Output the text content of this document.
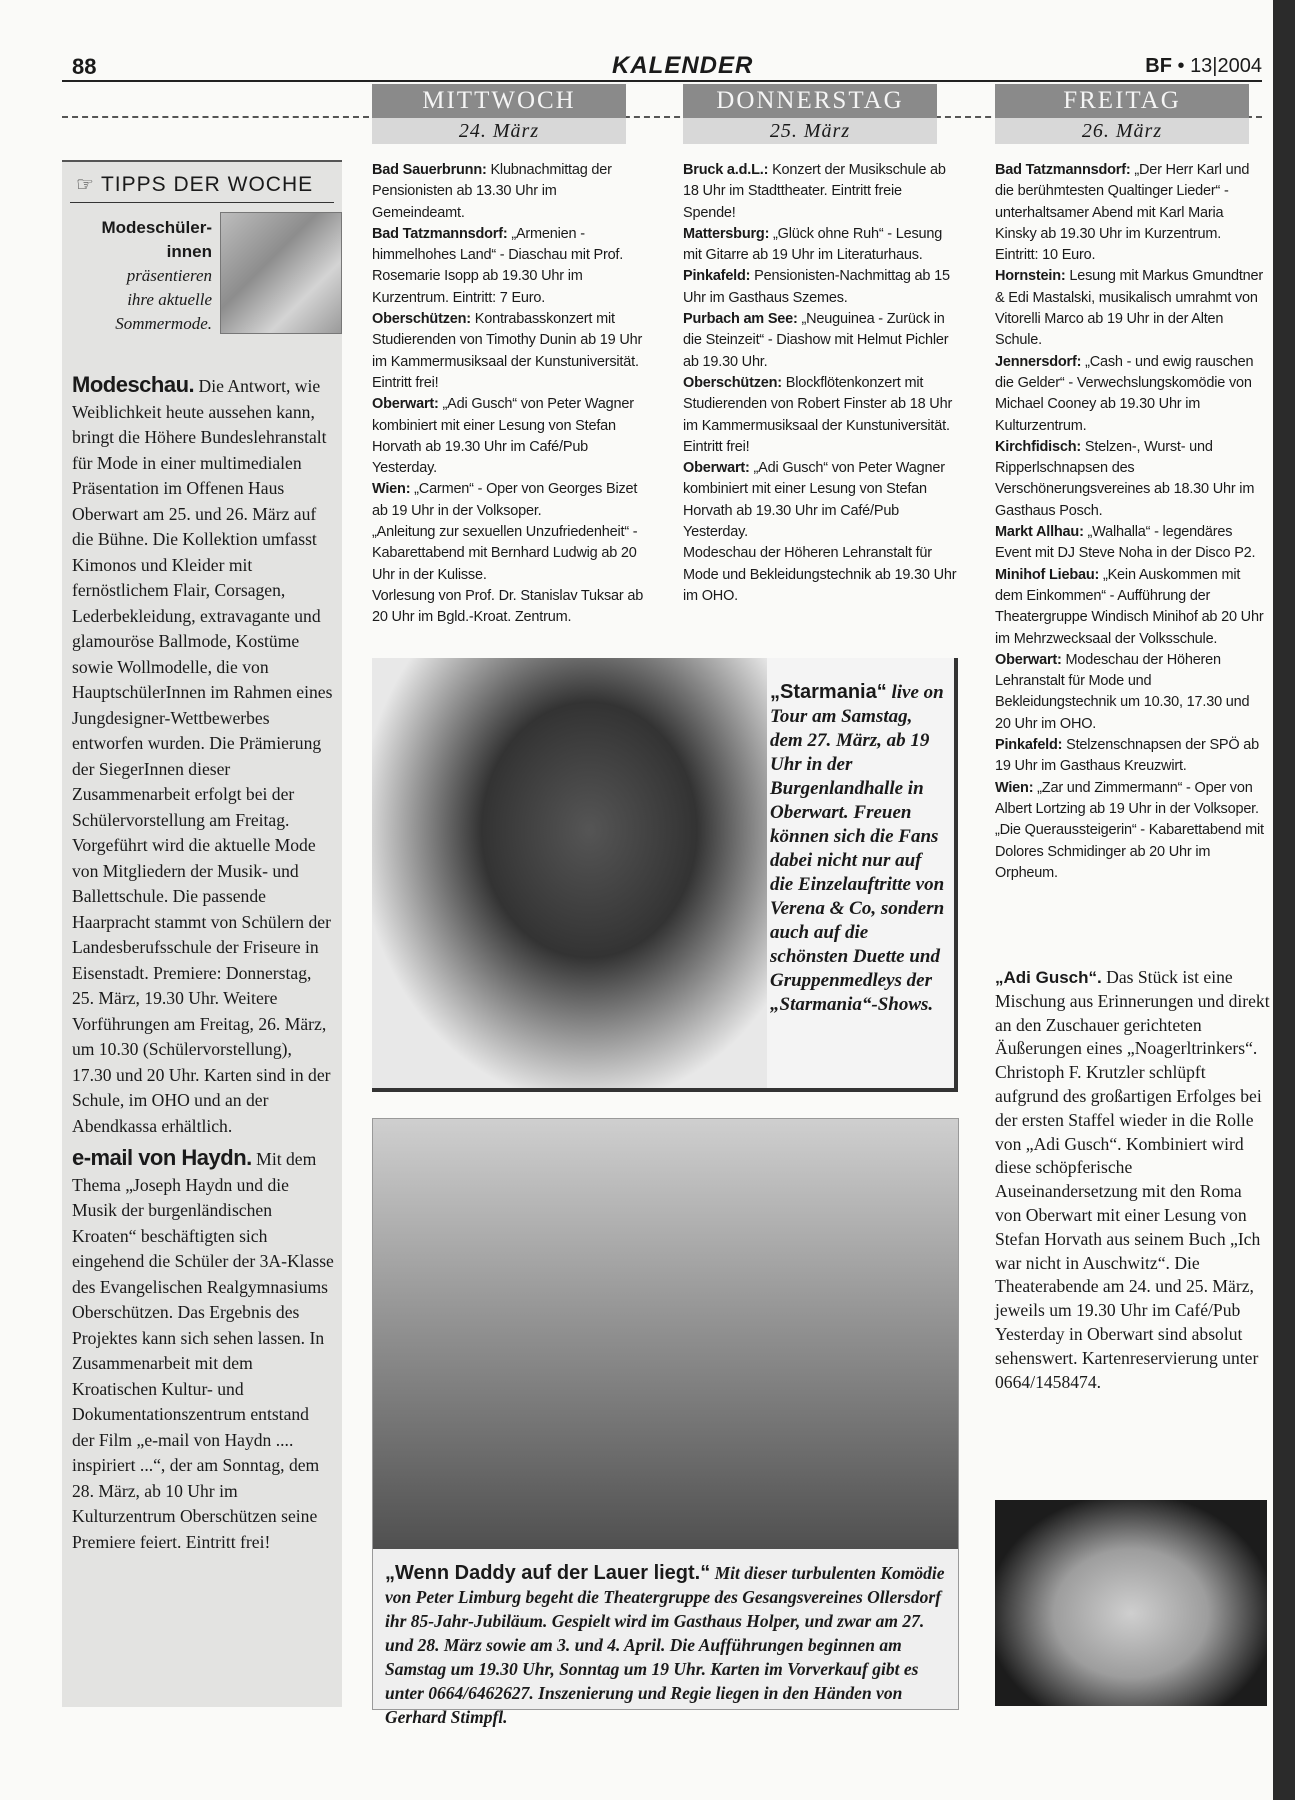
88	KALENDER	BF • 13|2004
MITTWOCH
24. März
DONNERSTAG
25. März
FREITAG
26. März
☞ TIPPS DER WOCHE
Modeschüler-
innen
präsentieren
ihre aktuelle
Sommermode.

Modeschau. Die Antwort, wie Weiblichkeit heute aussehen kann, bringt die Höhere Bundeslehranstalt für Mode in einer multimedialen Präsentation im Offenen Haus Oberwart am 25. und 26. März auf die Bühne. Die Kollektion umfasst Kimonos und Kleider mit fernöstlichem Flair, Corsagen, Lederbekleidung, extravagante und glamouröse Ballmode, Kostüme sowie Wollmodelle, die von HauptschülerInnen im Rahmen eines Jungdesigner-Wettbewerbes entworfen wurden. Die Prämierung der SiegerInnen dieser Zusammenarbeit erfolgt bei der Schülervorstellung am Freitag. Vorgeführt wird die aktuelle Mode von Mitgliedern der Musik- und Ballettschule. Die passende Haarpracht stammt von Schülern der Landesberufsschule der Friseure in Eisenstadt. Premiere: Donnerstag, 25. März, 19.30 Uhr. Weitere Vorführungen am Freitag, 26. März, um 10.30 (Schülervorstellung), 17.30 und 20 Uhr. Karten sind in der Schule, im OHO und an der Abendkassa erhältlich.

e-mail von Haydn. Mit dem Thema „Joseph Haydn und die Musik der burgenländischen Kroaten“ beschäftigten sich eingehend die Schüler der 3A-Klasse des Evangelischen Realgymnasiums Oberschützen. Das Ergebnis des Projektes kann sich sehen lassen. In Zusammenarbeit mit dem Kroatischen Kultur- und Dokumentationszentrum entstand der Film „e-mail von Haydn .... inspiriert ...“, der am Sonntag, dem 28. März, ab 10 Uhr im Kulturzentrum Oberschützen seine Premiere feiert. Eintritt frei!

Bad Sauerbrunn: Klubnachmittag der Pensionisten ab 13.30 Uhr im Gemeindeamt.

Bad Tatzmannsdorf: „Armenien - himmelhohes Land“ - Diaschau mit Prof. Rosemarie Isopp ab 19.30 Uhr im Kurzentrum. Eintritt: 7 Euro.

Oberschützen: Kontrabasskonzert mit Studierenden von Timothy Dunin ab 19 Uhr im Kammermusiksaal der Kunstuniversität. Eintritt frei!

Oberwart: „Adi Gusch“ von Peter Wagner kombiniert mit einer Lesung von Stefan Horvath ab 19.30 Uhr im Café/Pub Yesterday.

Wien: „Carmen“ - Oper von Georges Bizet ab 19 Uhr in der Volksoper.

„Anleitung zur sexuellen Unzufriedenheit“ - Kabarettabend mit Bernhard Ludwig ab 20 Uhr in der Kulisse.

Vorlesung von Prof. Dr. Stanislav Tuksar ab 20 Uhr im Bgld.-Kroat. Zentrum.

Bruck a.d.L.: Konzert der Musikschule ab 18 Uhr im Stadttheater. Eintritt freie Spende!

Mattersburg: „Glück ohne Ruh“ - Lesung mit Gitarre ab 19 Uhr im Literaturhaus.

Pinkafeld: Pensionisten-Nachmittag ab 15 Uhr im Gasthaus Szemes.

Purbach am See: „Neuguinea - Zurück in die Steinzeit“ - Diashow mit Helmut Pichler ab 19.30 Uhr.

Oberschützen: Blockflötenkonzert mit Studierenden von Robert Finster ab 18 Uhr im Kammermusiksaal der Kunstuniversität. Eintritt frei!

Oberwart: „Adi Gusch“ von Peter Wagner kombiniert mit einer Lesung von Stefan Horvath ab 19.30 Uhr im Café/Pub Yesterday.

Modeschau der Höheren Lehranstalt für Mode und Bekleidungstechnik ab 19.30 Uhr im OHO.

Bad Tatzmannsdorf: „Der Herr Karl und die berühmtesten Qualtinger Lieder“ - unterhaltsamer Abend mit Karl Maria Kinsky ab 19.30 Uhr im Kurzentrum. Eintritt: 10 Euro.

Hornstein: Lesung mit Markus Gmundtner & Edi Mastalski, musikalisch umrahmt von Vitorelli Marco ab 19 Uhr in der Alten Schule.

Jennersdorf: „Cash - und ewig rauschen die Gelder“ - Verwechslungskomödie von Michael Cooney ab 19.30 Uhr im Kulturzentrum.

Kirchfidisch: Stelzen-, Wurst- und Ripperlschnapsen des Verschönerungsvereines ab 18.30 Uhr im Gasthaus Posch.

Markt Allhau: „Walhalla“ - legendäres Event mit DJ Steve Noha in der Disco P2.

Minihof Liebau: „Kein Auskommen mit dem Einkommen“ - Aufführung der Theatergruppe Windisch Minihof ab 20 Uhr im Mehrzwecksaal der Volksschule.

Oberwart: Modeschau der Höheren Lehranstalt für Mode und Bekleidungstechnik um 10.30, 17.30 und 20 Uhr im OHO.

Pinkafeld: Stelzenschnapsen der SPÖ ab 19 Uhr im Gasthaus Kreuzwirt.

Wien: „Zar und Zimmermann“ - Oper von Albert Lortzing ab 19 Uhr in der Volksoper.

„Die Queraussteigerin“ - Kabarettabend mit Dolores Schmidinger ab 20 Uhr im Orpheum.

„Starmania“ live on Tour am Samstag, dem 27. März, ab 19 Uhr in der Burgenlandhalle in Oberwart. Freuen können sich die Fans dabei nicht nur auf die Einzelauftritte von Verena & Co, sondern auch auf die schönsten Duette und Gruppenmedleys der „Starmania“-Shows.
„Wenn Daddy auf der Lauer liegt.“ Mit dieser turbulenten Komödie von Peter Limburg begeht die Theatergruppe des Gesangsvereines Ollersdorf ihr 85-Jahr-Jubiläum. Gespielt wird im Gasthaus Holper, und zwar am 27. und 28. März sowie am 3. und 4. April. Die Aufführungen beginnen am Samstag um 19.30 Uhr, Sonntag um 19 Uhr. Karten im Vorverkauf gibt es unter 0664/6462627. Inszenierung und Regie liegen in den Händen von Gerhard Stimpfl.
„Adi Gusch“. Das Stück ist eine Mischung aus Erinnerungen und direkt an den Zuschauer gerichteten Äußerungen eines „Noagerltrinkers“. Christoph F. Krutzler schlüpft aufgrund des großartigen Erfolges bei der ersten Staffel wieder in die Rolle von „Adi Gusch“. Kombiniert wird diese schöpferische Auseinandersetzung mit den Roma von Oberwart mit einer Lesung von Stefan Horvath aus seinem Buch „Ich war nicht in Auschwitz“. Die Theaterabende am 24. und 25. März, jeweils um 19.30 Uhr im Café/Pub Yesterday in Oberwart sind absolut sehenswert. Kartenreservierung unter 0664/1458474.
